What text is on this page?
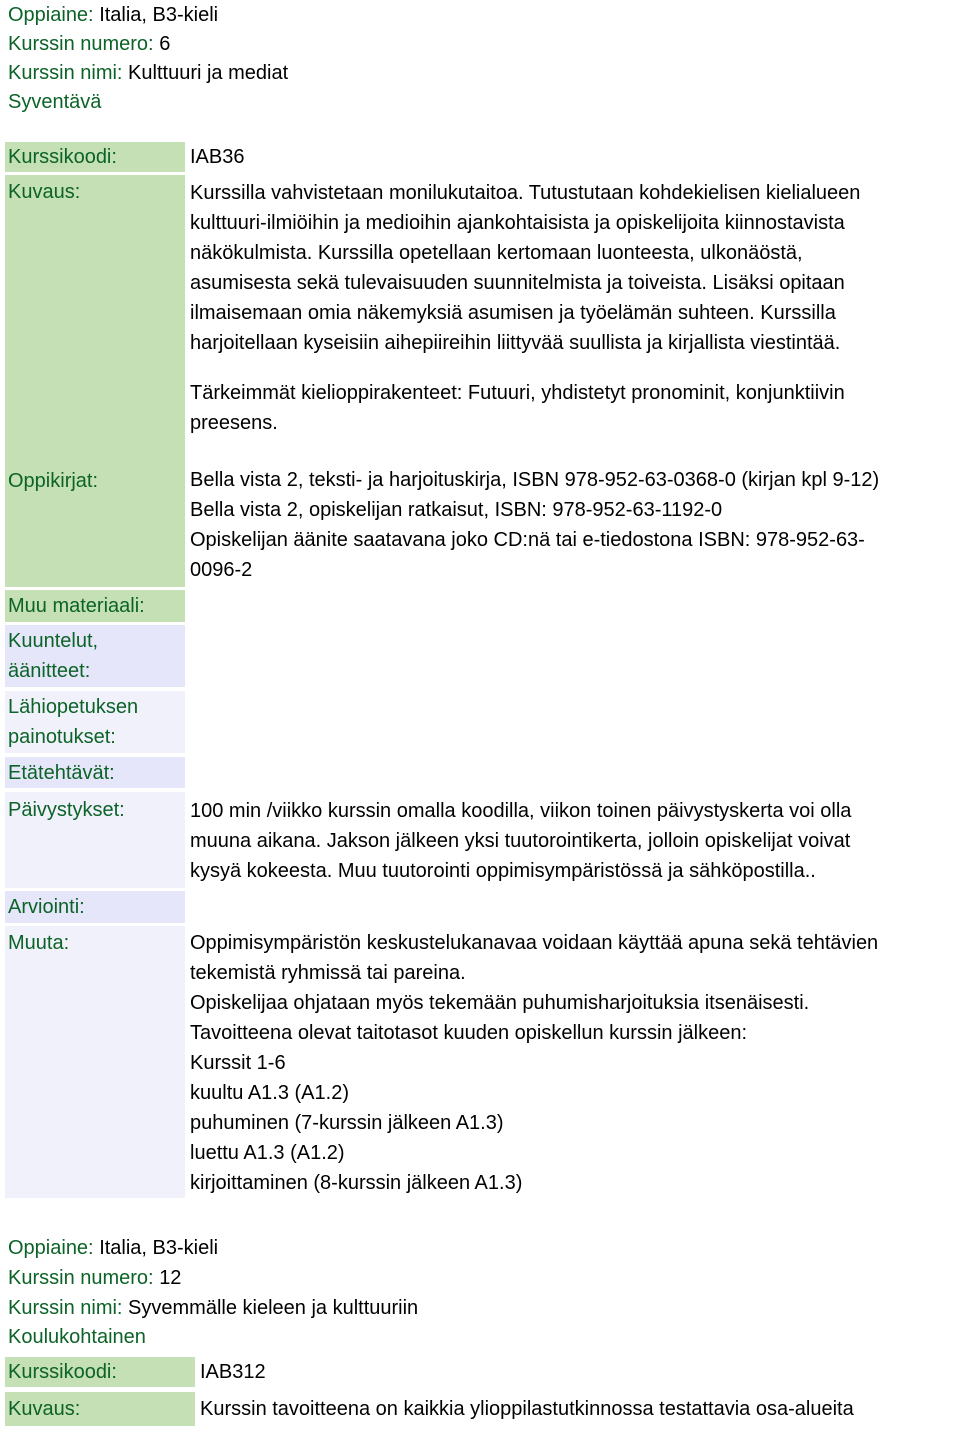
Oppiaine: Italia, B3-kieli
Kurssin numero: 6
Kurssin nimi: Kulttuuri ja mediat
Syventävä
Kurssikoodi:
Kuvaus:
Oppikirjat:
Muu materiaali:
Kuuntelut,
äänitteet:
Lähiopetuksen
painotukset:
Etätehtävät:
Päivystykset:
Arviointi:
Muuta:
IAB36
Kurssilla vahvistetaan monilukutaitoa. Tutustutaan kohdekielisen kielialueen
kulttuuri-ilmiöihin ja medioihin ajankohtaisista ja opiskelijoita kiinnostavista
näkökulmista. Kurssilla opetellaan kertomaan luonteesta, ulkonäöstä,
asumisesta sekä tulevaisuuden suunnitelmista ja toiveista. Lisäksi opitaan
ilmaisemaan omia näkemyksiä asumisen ja työelämän suhteen. Kurssilla
harjoitellaan kyseisiin aihepiireihin liittyvää suullista ja kirjallista viestintää.
Tärkeimmät kielioppirakenteet: Futuuri, yhdistetyt pronominit, konjunktiivin
preesens.
Bella vista 2, teksti- ja harjoituskirja, ISBN 978-952-63-0368-0 (kirjan kpl 9-12)
Bella vista 2, opiskelijan ratkaisut, ISBN: 978-952-63-1192-0
Opiskelijan äänite saatavana joko CD:nä tai e-tiedostona ISBN: 978-952-63-
0096-2
100 min /viikko kurssin omalla koodilla, viikon toinen päivystyskerta voi olla
muuna aikana. Jakson jälkeen yksi tuutorointikerta, jolloin opiskelijat voivat
kysyä kokeesta. Muu tuutorointi oppimisympäristössä ja sähköpostilla..
Oppimisympäristön keskustelukanavaa voidaan käyttää apuna sekä tehtävien
tekemistä ryhmissä tai pareina.
Opiskelijaa ohjataan myös tekemään puhumisharjoituksia itsenäisesti.
Tavoitteena olevat taitotasot kuuden opiskellun kurssin jälkeen:
Kurssit 1-6
kuultu A1.3 (A1.2)
puhuminen (7-kurssin jälkeen A1.3)
luettu A1.3 (A1.2)
kirjoittaminen (8-kurssin jälkeen A1.3)
Oppiaine: Italia, B3-kieli
Kurssin numero: 12
Kurssin nimi: Syvemmälle kieleen ja kulttuuriin
Koulukohtainen
Kurssikoodi:	IAB312
Kuvaus:	Kurssin tavoitteena on kaikkia ylioppilastutkinnossa testattavia osa-alueita
